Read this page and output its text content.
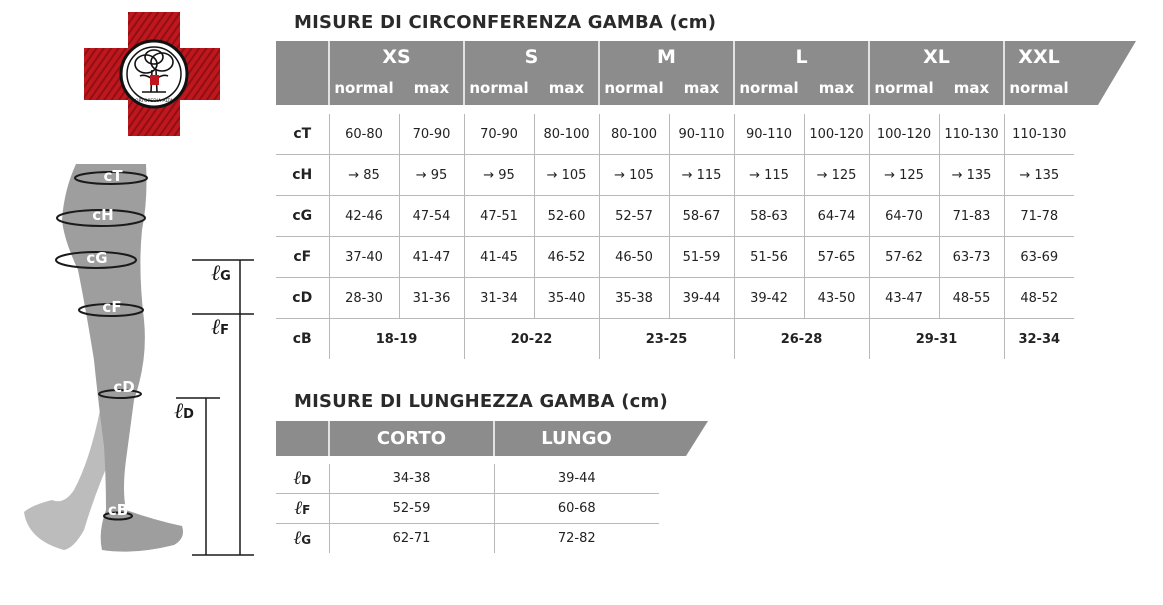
ORTOPEDIA ALTA
cT
cH
cG
cF
cD
cB
ℓG
ℓF
ℓD
MISURE DI CIRCONFERENZA GAMBA (cm)
XS	S	M	L	XL	XXL
normal	max	normal	max	normal	max	normal	max	normal	max	normal
cT	60-80	70-90	70-90	80-100	80-100	90-110	90-110	100-120	100-120	110-130	110-130
cH	→ 85	→ 95	→ 95	→ 105	→ 105	→ 115	→ 115	→ 125	→ 125	→ 135	→ 135
cG	42-46	47-54	47-51	52-60	52-57	58-67	58-63	64-74	64-70	71-83	71-78
cF	37-40	41-47	41-45	46-52	46-50	51-59	51-56	57-65	57-62	63-73	63-69
cD	28-30	31-36	31-34	35-40	35-38	39-44	39-42	43-50	43-47	48-55	48-52
cB	18-19		20-22		23-25		26-28		29-31		32-34
MISURE DI LUNGHEZZA GAMBA (cm)
CORTO	LUNGO
ℓD	34-38	39-44
ℓF	52-59	60-68
ℓG	62-71	72-82
